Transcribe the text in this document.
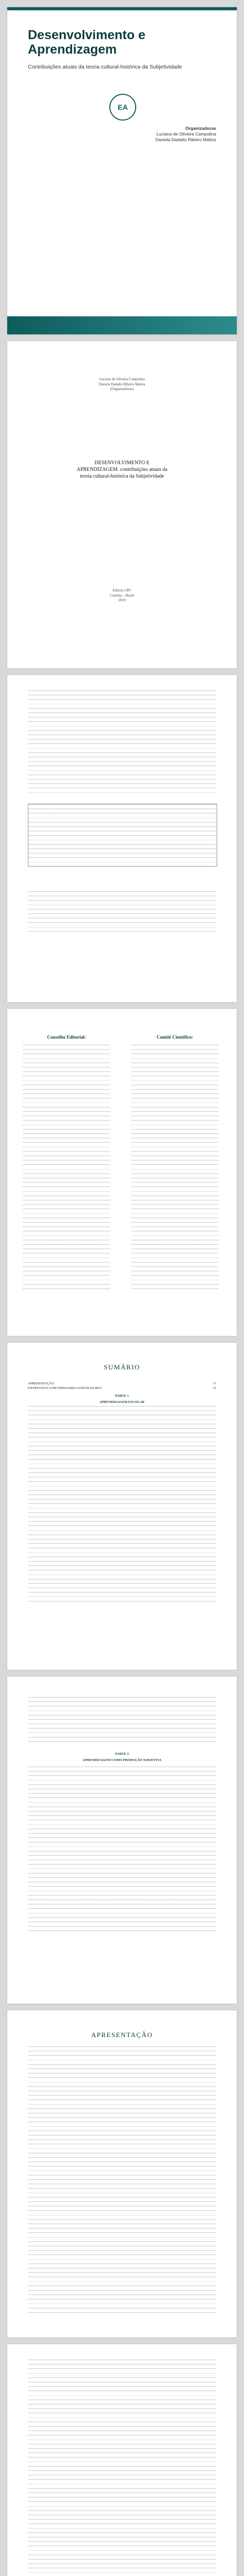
Desenvolvimento e
Aprendizagem
Contribuições atuais da teoria cultural-histórica da Subjetividade
EA
Organizadoras
Luciana de Oliveira Campolina
Daniela Dadalto Ribeiro Mattos
Luciana de Oliveira Campolina
Daniela Dadalto Ribeiro Mattos
(Organizadoras)
DESENVOLVIMENTO E
APRENDIZAGEM: contribuições atuais da
teoria cultural-histórica da Subjetividade
Editora CRV
Curitiba – Brasil
2019
Conselho Editorial:	Comitê Científico:
SUMÁRIO
APRESENTAÇÃO	11
ENTREVISTA COM FERNANDO GONZÁLEZ REY	15
PARTE 1
APRENDIZAGEM ESCOLAR
PARTE 2
APRENDIZAGEM COMO PRODUÇÃO SUBJETIVA
APRESENTAÇÃO
